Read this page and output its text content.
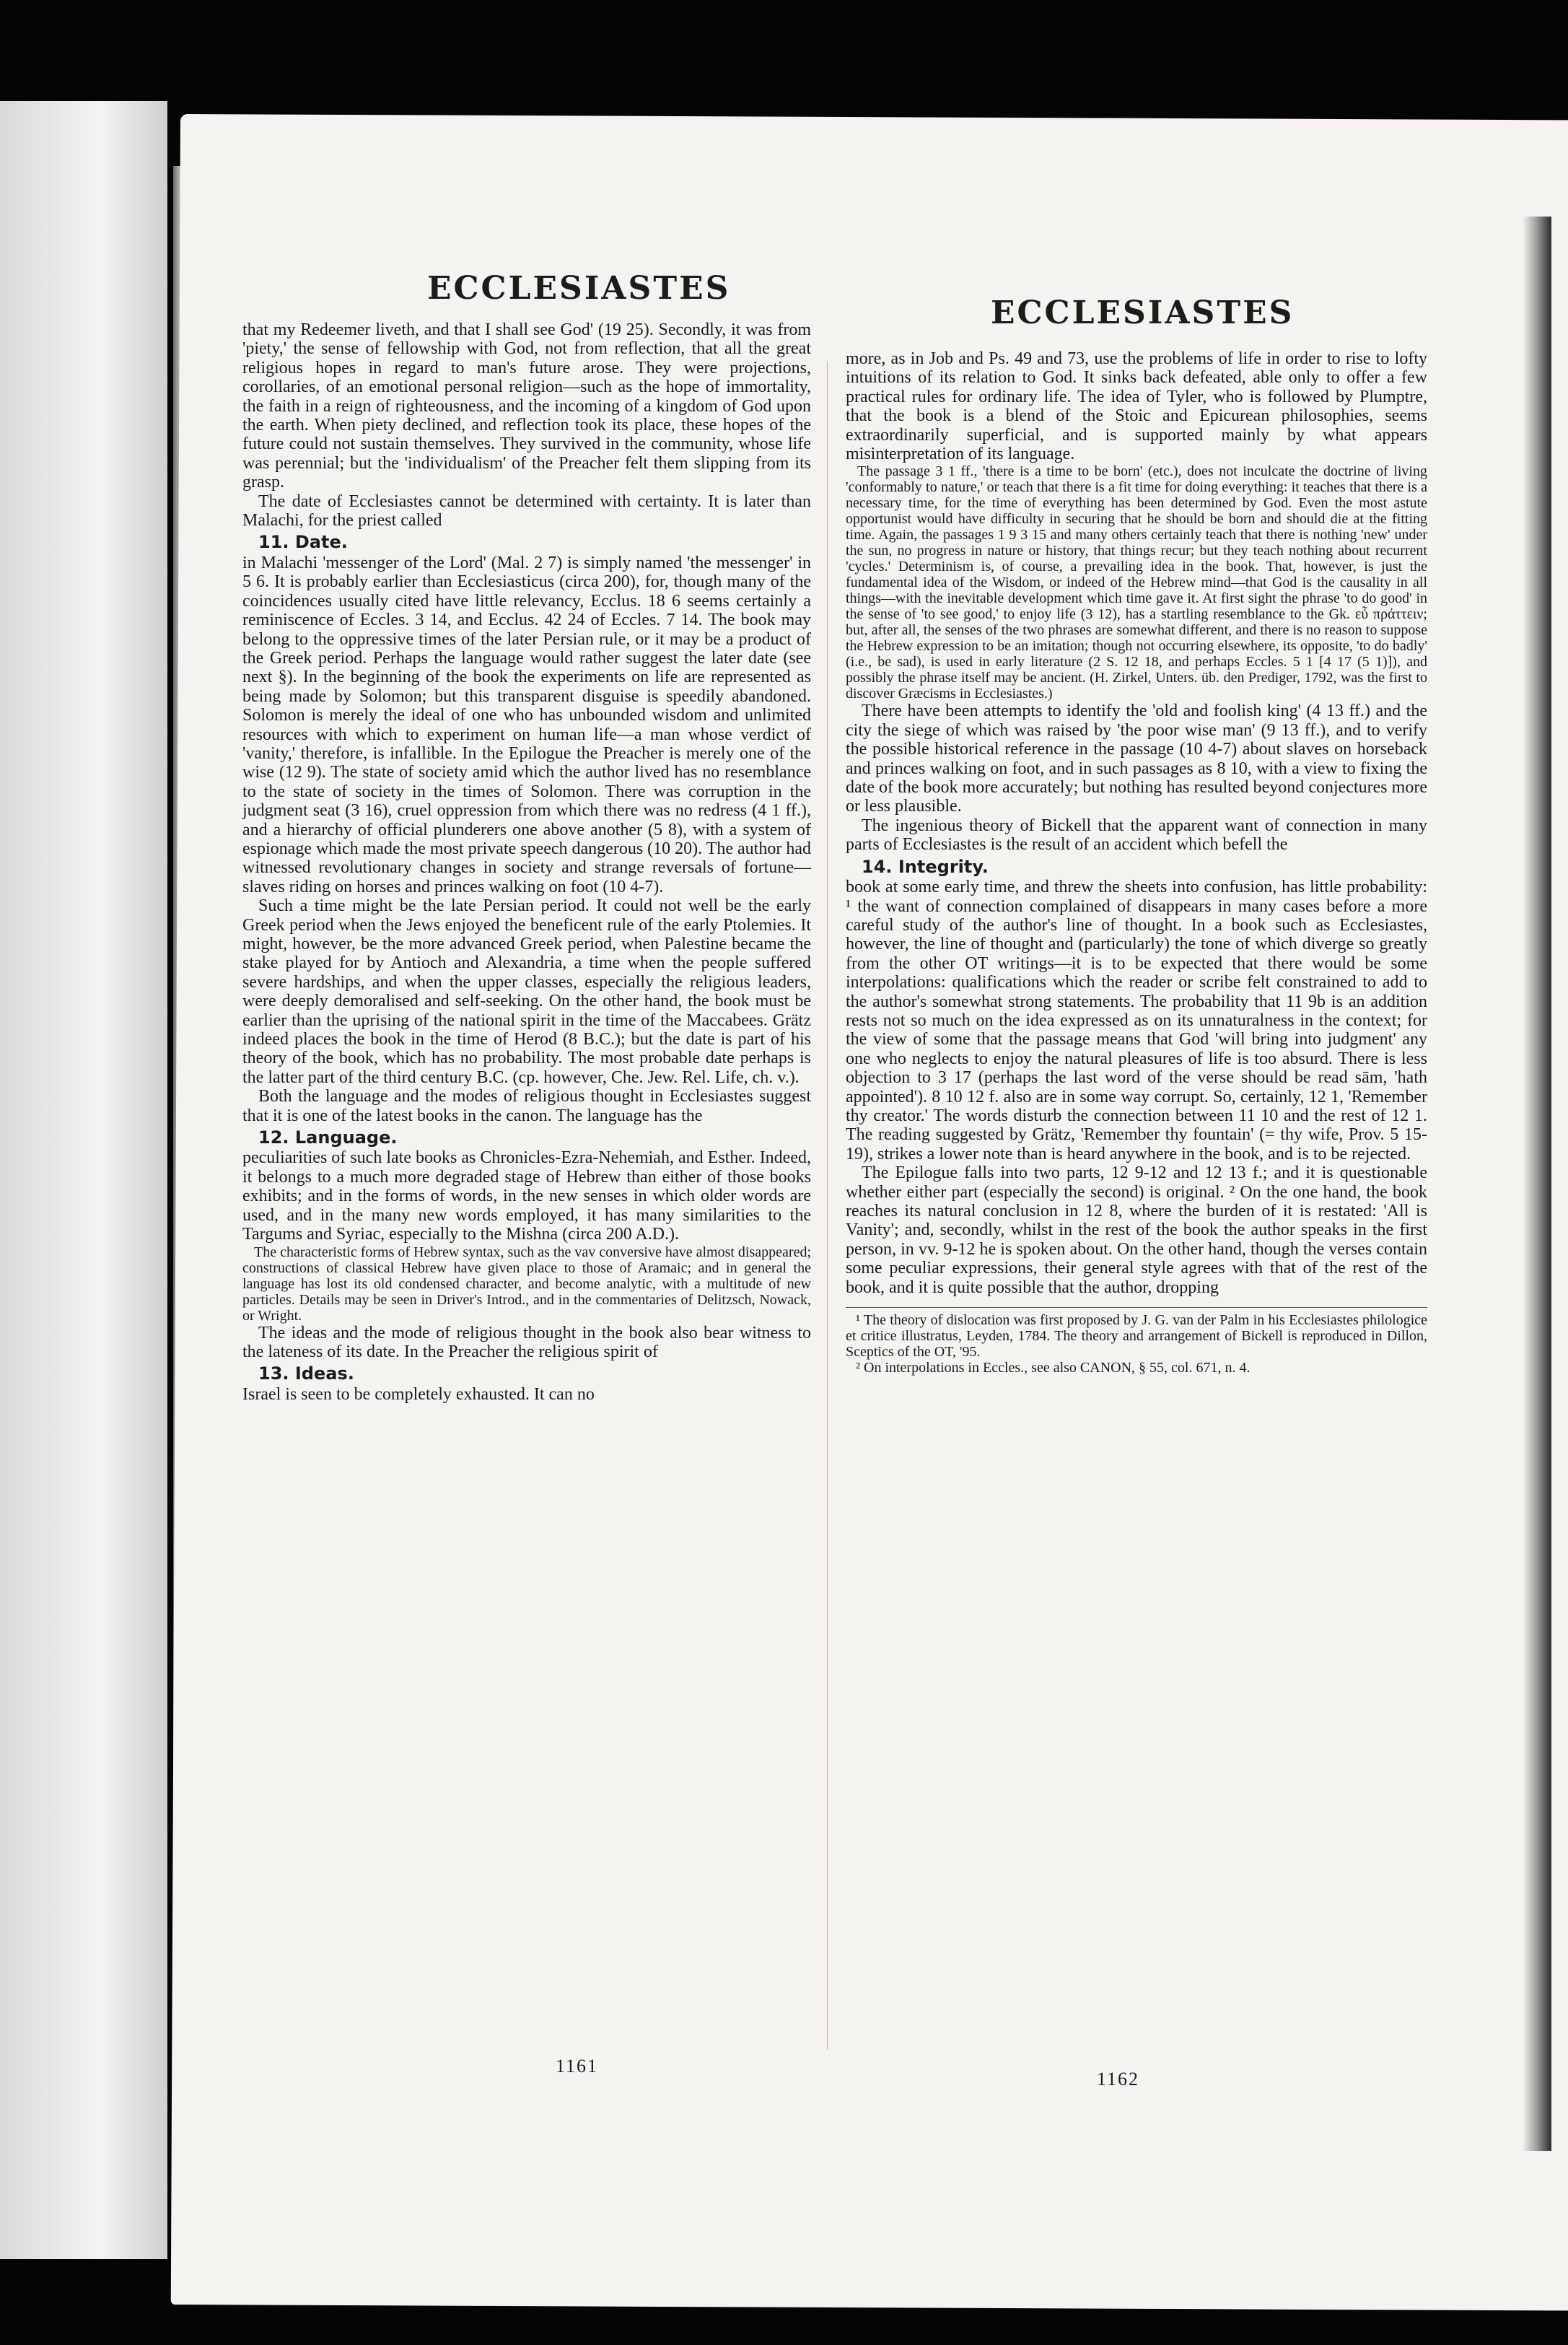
ECCLESIASTES
ECCLESIASTES

that my Redeemer liveth, and that I shall see God' (19 25). Secondly, it was from 'piety,' the sense of fellowship with God, not from reflection, that all the great religious hopes in regard to man's future arose. They were projections, corollaries, of an emotional personal religion—such as the hope of immortality, the faith in a reign of righteousness, and the incoming of a kingdom of God upon the earth. When piety declined, and reflection took its place, these hopes of the future could not sustain themselves. They survived in the community, whose life was perennial; but the 'individualism' of the Preacher felt them slipping from its grasp.

The date of Ecclesiastes cannot be determined with certainty. It is later than Malachi, for the priest called
11. Date.
in Malachi 'messenger of the Lord' (Mal. 2 7) is simply named 'the messenger' in 5 6. It is probably earlier than Ecclesiasticus (circa 200), for, though many of the coincidences usually cited have little relevancy, Ecclus. 18 6 seems certainly a reminiscence of Eccles. 3 14, and Ecclus. 42 24 of Eccles. 7 14. The book may belong to the oppressive times of the later Persian rule, or it may be a product of the Greek period. Perhaps the language would rather suggest the later date (see next §). In the beginning of the book the experiments on life are represented as being made by Solomon; but this transparent disguise is speedily abandoned. Solomon is merely the ideal of one who has unbounded wisdom and unlimited resources with which to experiment on human life—a man whose verdict of 'vanity,' therefore, is infallible. In the Epilogue the Preacher is merely one of the wise (12 9). The state of society amid which the author lived has no resemblance to the state of society in the times of Solomon. There was corruption in the judgment seat (3 16), cruel oppression from which there was no redress (4 1 ff.), and a hierarchy of official plunderers one above another (5 8), with a system of espionage which made the most private speech dangerous (10 20). The author had witnessed revolutionary changes in society and strange reversals of fortune—slaves riding on horses and princes walking on foot (10 4-7).

Such a time might be the late Persian period. It could not well be the early Greek period when the Jews enjoyed the beneficent rule of the early Ptolemies. It might, however, be the more advanced Greek period, when Palestine became the stake played for by Antioch and Alexandria, a time when the people suffered severe hardships, and when the upper classes, especially the religious leaders, were deeply demoralised and self-seeking. On the other hand, the book must be earlier than the uprising of the national spirit in the time of the Maccabees. Grätz indeed places the book in the time of Herod (8 B.C.); but the date is part of his theory of the book, which has no probability. The most probable date perhaps is the latter part of the third century B.C. (cp. however, Che. Jew. Rel. Life, ch. v.).

Both the language and the modes of religious thought in Ecclesiastes suggest that it is one of the latest books in the canon. The language has the
12. Language.
peculiarities of such late books as Chronicles-Ezra-Nehemiah, and Esther. Indeed, it belongs to a much more degraded stage of Hebrew than either of those books exhibits; and in the forms of words, in the new senses in which older words are used, and in the many new words employed, it has many similarities to the Targums and Syriac, especially to the Mishna (circa 200 A.D.).

The characteristic forms of Hebrew syntax, such as the vav conversive have almost disappeared; constructions of classical Hebrew have given place to those of Aramaic; and in general the language has lost its old condensed character, and become analytic, with a multitude of new particles. Details may be seen in Driver's Introd., and in the commentaries of Delitzsch, Nowack, or Wright.

The ideas and the mode of religious thought in the book also bear witness to the lateness of its date. In the Preacher the religious spirit of
13. Ideas.
Israel is seen to be completely exhausted. It can no

more, as in Job and Ps. 49 and 73, use the problems of life in order to rise to lofty intuitions of its relation to God. It sinks back defeated, able only to offer a few practical rules for ordinary life. The idea of Tyler, who is followed by Plumptre, that the book is a blend of the Stoic and Epicurean philosophies, seems extraordinarily superficial, and is supported mainly by what appears misinterpretation of its language.

The passage 3 1 ff., 'there is a time to be born' (etc.), does not inculcate the doctrine of living 'conformably to nature,' or teach that there is a fit time for doing everything: it teaches that there is a necessary time, for the time of everything has been determined by God. Even the most astute opportunist would have difficulty in securing that he should be born and should die at the fitting time. Again, the passages 1 9 3 15 and many others certainly teach that there is nothing 'new' under the sun, no progress in nature or history, that things recur; but they teach nothing about recurrent 'cycles.' Determinism is, of course, a prevailing idea in the book. That, however, is just the fundamental idea of the Wisdom, or indeed of the Hebrew mind—that God is the causality in all things—with the inevitable development which time gave it. At first sight the phrase 'to do good' in the sense of 'to see good,' to enjoy life (3 12), has a startling resemblance to the Gk. εὖ πράττειν; but, after all, the senses of the two phrases are somewhat different, and there is no reason to suppose the Hebrew expression to be an imitation; though not occurring elsewhere, its opposite, 'to do badly' (i.e., be sad), is used in early literature (2 S. 12 18, and perhaps Eccles. 5 1 [4 17 (5 1)]), and possibly the phrase itself may be ancient. (H. Zirkel, Unters. üb. den Prediger, 1792, was the first to discover Græcisms in Ecclesiastes.)

There have been attempts to identify the 'old and foolish king' (4 13 ff.) and the city the siege of which was raised by 'the poor wise man' (9 13 ff.), and to verify the possible historical reference in the passage (10 4-7) about slaves on horseback and princes walking on foot, and in such passages as 8 10, with a view to fixing the date of the book more accurately; but nothing has resulted beyond conjectures more or less plausible.

The ingenious theory of Bickell that the apparent want of connection in many parts of Ecclesiastes is the result of an accident which befell the
14. Integrity.
book at some early time, and threw the sheets into confusion, has little probability: ¹ the want of connection complained of disappears in many cases before a more careful study of the author's line of thought. In a book such as Ecclesiastes, however, the line of thought and (particularly) the tone of which diverge so greatly from the other OT writings—it is to be expected that there would be some interpolations: qualifications which the reader or scribe felt constrained to add to the author's somewhat strong statements. The probability that 11 9b is an addition rests not so much on the idea expressed as on its unnaturalness in the context; for the view of some that the passage means that God 'will bring into judgment' any one who neglects to enjoy the natural pleasures of life is too absurd. There is less objection to 3 17 (perhaps the last word of the verse should be read sām, 'hath appointed'). 8 10 12 f. also are in some way corrupt. So, certainly, 12 1, 'Remember thy creator.' The words disturb the connection between 11 10 and the rest of 12 1. The reading suggested by Grätz, 'Remember thy fountain' (= thy wife, Prov. 5 15-19), strikes a lower note than is heard anywhere in the book, and is to be rejected.

The Epilogue falls into two parts, 12 9-12 and 12 13 f.; and it is questionable whether either part (especially the second) is original. ² On the one hand, the book reaches its natural conclusion in 12 8, where the burden of it is restated: 'All is Vanity'; and, secondly, whilst in the rest of the book the author speaks in the first person, in vv. 9-12 he is spoken about. On the other hand, though the verses contain some peculiar expressions, their general style agrees with that of the rest of the book, and it is quite possible that the author, dropping

¹ The theory of dislocation was first proposed by J. G. van der Palm in his Ecclesiastes philologice et critice illustratus, Leyden, 1784. The theory and arrangement of Bickell is reproduced in Dillon, Sceptics of the OT, '95.

² On interpolations in Eccles., see also CANON, § 55, col. 671, n. 4.

1161
1162
